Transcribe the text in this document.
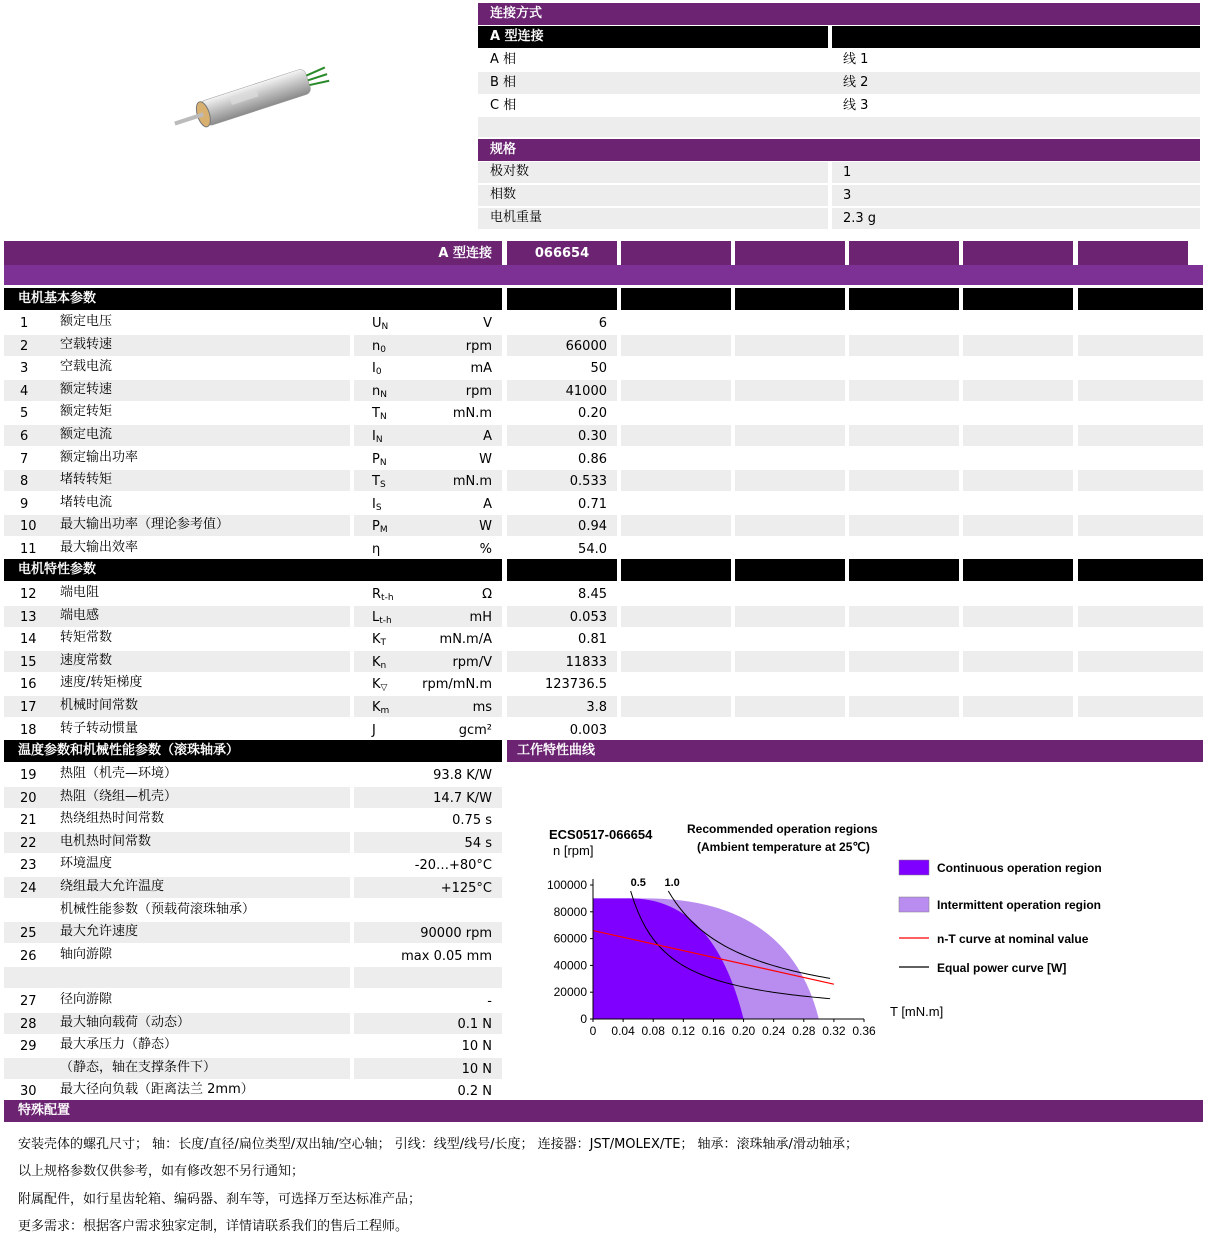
连接方式
A 型连接
A 相	线 1
B 相	线 2
C 相	线 3
规格
极对数	1
相数	3
电机重量	2.3 g
A 型连接	066654
电机基本参数
1 额定电压	$U_N$	V	6
2 空载转速	$n_0$	rpm	66000
3 空载电流	$I_0$	mA	50
4 额定转速	$n_N$	rpm	41000
5 额定转矩	$T_N$	mN.m	0.20
6 额定电流	$I_N$	A	0.30
7 额定输出功率	$P_N$	W	0.86
8 堵转转矩	$T_S$	mN.m	0.533
9 堵转电流	$I_S$	A	0.71
10 最大输出功率（理论参考值）	$P_M$	W	0.94
11 最大输出效率	η	%	54.0
电机特性参数
12 端电阻	$R_{t-h}$	Ω	8.45
13 端电感	$L_{t-h}$	mH	0.053
14 转矩常数	$K_T$	mN.m/A	0.81
15 速度常数	$K_n$	rpm/V	11833
16 速度/转矩梯度	$K_▽$	rpm/mN.m	123736.5
17 机械时间常数	$K_m$	ms	3.8
18 转子转动惯量	J	gcm²	0.003
温度参数和机械性能参数（滚珠轴承）	工作特性曲线
19 热阻（机壳—环境）	93.8 K/W
20 热阻（绕组—机壳）	14.7 K/W
21 热绕组热时间常数	0.75 s
22 电机热时间常数	54 s
23 环境温度	-20…+80°C
24 绕组最大允许温度	+125°C
机械性能参数（预载荷滚珠轴承）
25 最大允许速度	90000 rpm
26 轴向游隙	max 0.05 mm
27 径向游隙	-
28 最大轴向载荷（动态）	0.1 N
29 最大承压力（静态）	10 N
（静态，轴在支撑条件下）	10 N
30 最大径向负载（距离法兰 2mm）	0.2 N
ECS0517-066654
n [rpm]
Recommended operation regions
(Ambient temperature at 25℃)
0
20000
40000
60000
80000
100000
0 0.04 0.08 0.12 0.16 0.20 0.24 0.28 0.32 0.36
0.5 1.0
T [mN.m]
Continuous operation region
Intermittent operation region
n-T curve at nominal value
Equal power curve [W]
特殊配置
安装壳体的螺孔尺寸； 轴：长度/直径/扁位类型/双出轴/空心轴； 引线：线型/线号/长度； 连接器：JST/MOLEX/TE； 轴承：滚珠轴承/滑动轴承；
以上规格参数仅供参考，如有修改恕不另行通知；
附属配件，如行星齿轮箱、编码器、刹车等，可选择万至达标准产品；
更多需求：根据客户需求独家定制，详情请联系我们的售后工程师。
